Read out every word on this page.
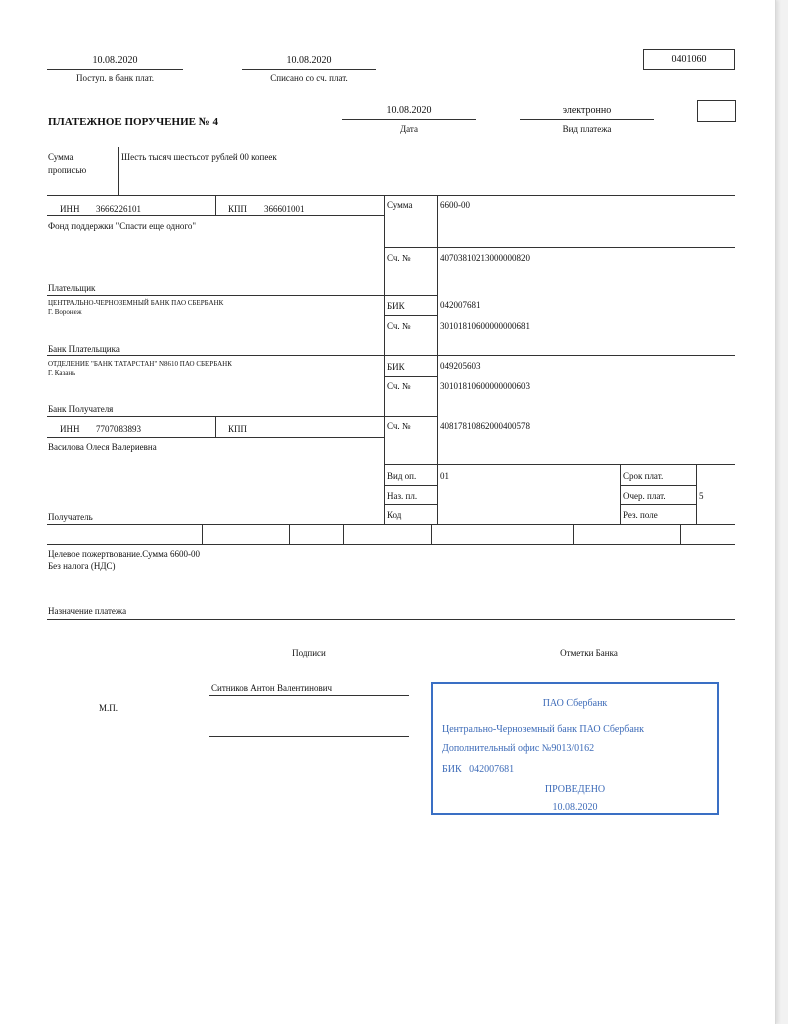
10.08.2020
Поступ. в банк плат.
10.08.2020
Списано со сч. плат.
0401060
ПЛАТЕЖНОЕ ПОРУЧЕНИЕ № 4
10.08.2020
Дата
электронно
Вид платежа
Сумма
прописью
Шесть тысяч шестьсот рублей 00 копеек
ИНН 3666226101	КПП 366601001
Фонд поддержки "Спасти еще одного"
Плательщик
Сумма	6600-00
Сч. №	40703810213000000820
ЦЕНТРАЛЬНО-ЧЕРНОЗЕМНЫЙ БАНК ПАО СБЕРБАНК
Г. Воронеж
Банк Плательщика
БИК	042007681
Сч. №	30101810600000000681
ОТДЕЛЕНИЕ "БАНК ТАТАРСТАН" N8610 ПАО СБЕРБАНК
Г. Казань
Банк Получателя
БИК	049205603
Сч. №	30101810600000000603
ИНН 7707083893	КПП
Василова Олеся Валериевна
Получатель
Сч. №	40817810862000400578
Вид оп.	01
Наз. пл.
Код
Срок плат.
Очер. плат.	5
Рез. поле
Целевое пожертвование.Сумма 6600-00
Без налога (НДС)
Назначение платежа
Подписи	Отметки Банка
М.П.
Ситников Антон Валентинович
ПАО Сбербанк
Центрально-Черноземный банк ПАО Сбербанк
Дополнительный офис №9013/0162
БИК   042007681
ПРОВЕДЕНО
10.08.2020
